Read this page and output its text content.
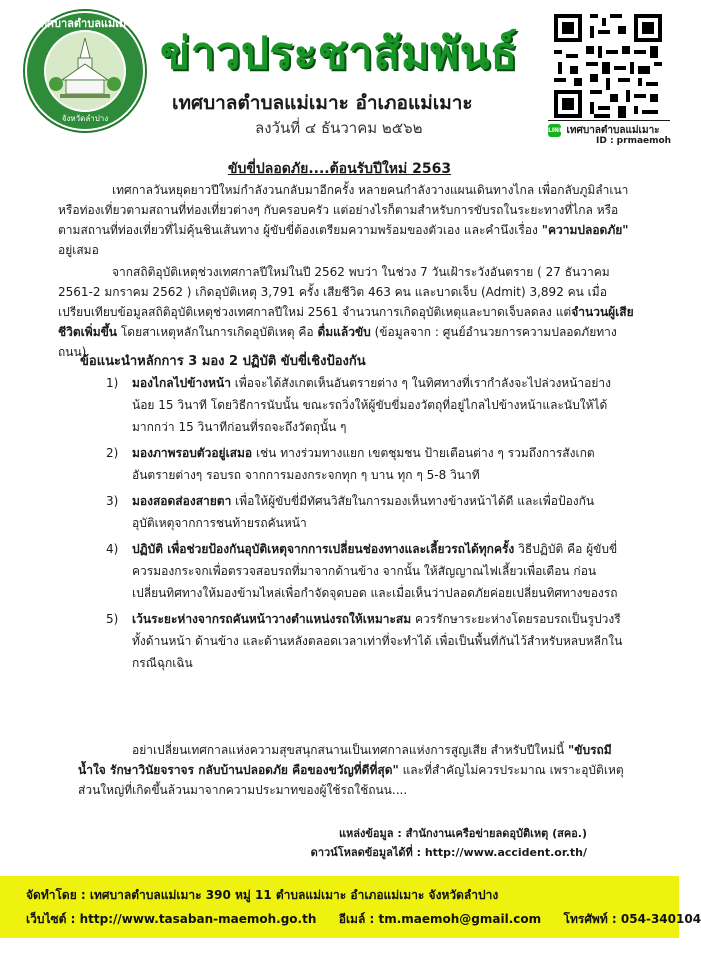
เทศบาลตำบลแม่เมาะ
จังหวัดลำปาง
ข่าวประชาสัมพันธ์
เทศบาลตำบลแม่เมาะ อำเภอแม่เมาะ
ลงวันที่ ๔ ธันวาคม ๒๕๖๒	LINE เทศบาลตำบลแม่เมาะ
ID : prmaemoh
ขับขี่ปลอดภัย....ต้อนรับปีใหม่ 2563

เทศกาลวันหยุดยาวปีใหม่กำลังวนกลับมาอีกครั้ง หลายคนกำลังวางแผนเดินทางไกล เพื่อกลับภูมิลำเนา หรือท่องเที่ยวตามสถานที่ท่องเที่ยวต่างๆ กับครอบครัว แต่อย่างไรก็ตามสำหรับการขับรถในระยะทางที่ไกล หรือตามสถานที่ท่องเที่ยวที่ไม่คุ้นชินเส้นทาง ผู้ขับขี่ต้องเตรียมความพร้อมของตัวเอง และคำนึงเรื่อง "ความปลอดภัย" อยู่เสมอ

จากสถิติอุบัติเหตุช่วงเทศกาลปีใหม่ในปี 2562 พบว่า ในช่วง 7 วันเฝ้าระวังอันตราย ( 27 ธันวาคม 2561-2 มกราคม 2562 ) เกิดอุบัติเหตุ 3,791 ครั้ง เสียชีวิต 463 คน และบาดเจ็บ (Admit) 3,892 คน เมื่อเปรียบเทียบข้อมูลสถิติอุบัติเหตุช่วงเทศกาลปีใหม่ 2561 จำนวนการเกิดอุบัติเหตุและบาดเจ็บลดลง แต่จำนวนผู้เสียชีวิตเพิ่มขึ้น โดยสาเหตุหลักในการเกิดอุบัติเหตุ คือ ดื่มแล้วขับ (ข้อมูลจาก : ศูนย์อำนวยการความปลอดภัยทางถนน)

ข้อแนะนำหลักการ 3 มอง 2 ปฏิบัติ ขับขี่เชิงป้องกัน
1) มองไกลไปข้างหน้า เพื่อจะได้สังเกตเห็นอันตรายต่าง ๆ ในทิศทางที่เรากำลังจะไปล่วงหน้าอย่างน้อย 15 วินาที โดยวิธีการนับนั้น ขณะรถวิ่งให้ผู้ขับขี่มองวัตถุที่อยู่ไกลไปข้างหน้าและนับให้ได้มากกว่า 15 วินาทีก่อนที่รถจะถึงวัตถุนั้น ๆ
2) มองภาพรอบตัวอยู่เสมอ เช่น ทางร่วมทางแยก เขตชุมชน ป้ายเตือนต่าง ๆ รวมถึงการสังเกตอันตรายต่างๆ รอบรถ จากการมองกระจกทุก ๆ บาน ทุก ๆ 5-8 วินาที
3) มองสอดส่องสายตา เพื่อให้ผู้ขับขี่มีทัศนวิสัยในการมองเห็นทางข้างหน้าได้ดี และเพื่อป้องกันอุบัติเหตุจากการชนท้ายรถคันหน้า
4) ปฏิบัติ เพื่อช่วยป้องกันอุบัติเหตุจากการเปลี่ยนช่องทางและเลี้ยวรถได้ทุกครั้ง วิธีปฏิบัติ คือ ผู้ขับขี่ควรมองกระจกเพื่อตรวจสอบรถที่มาจากด้านข้าง จากนั้น ให้สัญญาณไฟเลี้ยวเพื่อเตือน ก่อนเปลี่ยนทิศทางให้มองข้ามไหล่เพื่อกำจัดจุดบอด และเมื่อเห็นว่าปลอดภัยค่อยเปลี่ยนทิศทางของรถ
5) เว้นระยะห่างจากรถคันหน้าวางตำแหน่งรถให้เหมาะสม ควรรักษาระยะห่างโดยรอบรถเป็นรูปวงรี ทั้งด้านหน้า ด้านข้าง และด้านหลังตลอดเวลาเท่าที่จะทำได้ เพื่อเป็นพื้นที่กันไว้สำหรับหลบหลีกในกรณีฉุกเฉิน

อย่าเปลี่ยนเทศกาลแห่งความสุขสนุกสนานเป็นเทศกาลแห่งการสูญเสีย สำหรับปีใหม่นี้ "ขับรถมีน้ำใจ รักษาวินัยจราจร กลับบ้านปลอดภัย คือของขวัญที่ดีที่สุด" และที่สำคัญไม่ควรประมาณ เพราะอุบัติเหตุส่วนใหญ่ที่เกิดขึ้นล้วนมาจากความประมาทของผู้ใช้รถใช้ถนน....

แหล่งข้อมูล : สำนักงานเครือข่ายลดอุบัติเหตุ (สคอ.)
ดาวน์โหลดข้อมูลได้ที่ : http://www.accident.or.th/
จัดทำโดย : เทศบาลตำบลแม่เมาะ 390 หมู่ 11 ตำบลแม่เมาะ อำเภอแม่เมาะ จังหวัดลำปาง
เว็บไซต์ : http://www.tasaban-maemoh.go.th อีเมล์ : tm.maemoh@gmail.com โทรศัพท์ : 054-340104
